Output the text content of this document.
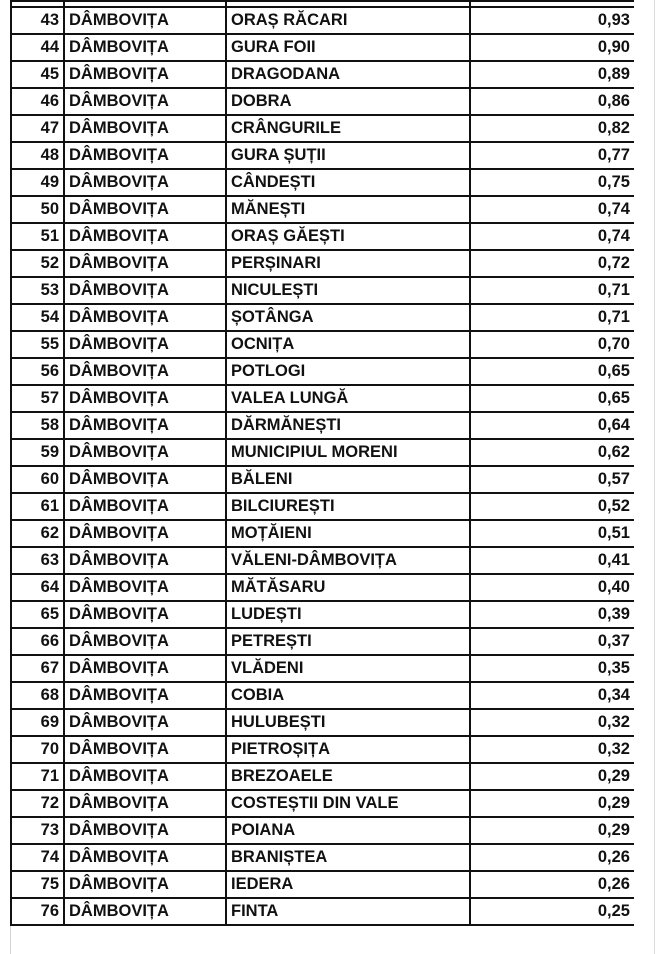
43	DÂMBOVIȚA	ORAȘ RĂCARI	0,93
44	DÂMBOVIȚA	GURA FOII	0,90
45	DÂMBOVIȚA	DRAGODANA	0,89
46	DÂMBOVIȚA	DOBRA	0,86
47	DÂMBOVIȚA	CRÂNGURILE	0,82
48	DÂMBOVIȚA	GURA ȘUȚII	0,77
49	DÂMBOVIȚA	CÂNDEȘTI	0,75
50	DÂMBOVIȚA	MĂNEȘTI	0,74
51	DÂMBOVIȚA	ORAȘ GĂEȘTI	0,74
52	DÂMBOVIȚA	PERȘINARI	0,72
53	DÂMBOVIȚA	NICULEȘTI	0,71
54	DÂMBOVIȚA	ȘOTÂNGA	0,71
55	DÂMBOVIȚA	OCNIȚA	0,70
56	DÂMBOVIȚA	POTLOGI	0,65
57	DÂMBOVIȚA	VALEA LUNGĂ	0,65
58	DÂMBOVIȚA	DĂRMĂNEȘTI	0,64
59	DÂMBOVIȚA	MUNICIPIUL MORENI	0,62
60	DÂMBOVIȚA	BĂLENI	0,57
61	DÂMBOVIȚA	BILCIUREȘTI	0,52
62	DÂMBOVIȚA	MOȚĂIENI	0,51
63	DÂMBOVIȚA	VĂLENI-DÂMBOVIȚA	0,41
64	DÂMBOVIȚA	MĂTĂSARU	0,40
65	DÂMBOVIȚA	LUDEȘTI	0,39
66	DÂMBOVIȚA	PETREȘTI	0,37
67	DÂMBOVIȚA	VLĂDENI	0,35
68	DÂMBOVIȚA	COBIA	0,34
69	DÂMBOVIȚA	HULUBEȘTI	0,32
70	DÂMBOVIȚA	PIETROȘIȚA	0,32
71	DÂMBOVIȚA	BREZOAELE	0,29
72	DÂMBOVIȚA	COSTEȘTII DIN VALE	0,29
73	DÂMBOVIȚA	POIANA	0,29
74	DÂMBOVIȚA	BRANIȘTEA	0,26
75	DÂMBOVIȚA	IEDERA	0,26
76	DÂMBOVIȚA	FINTA	0,25
